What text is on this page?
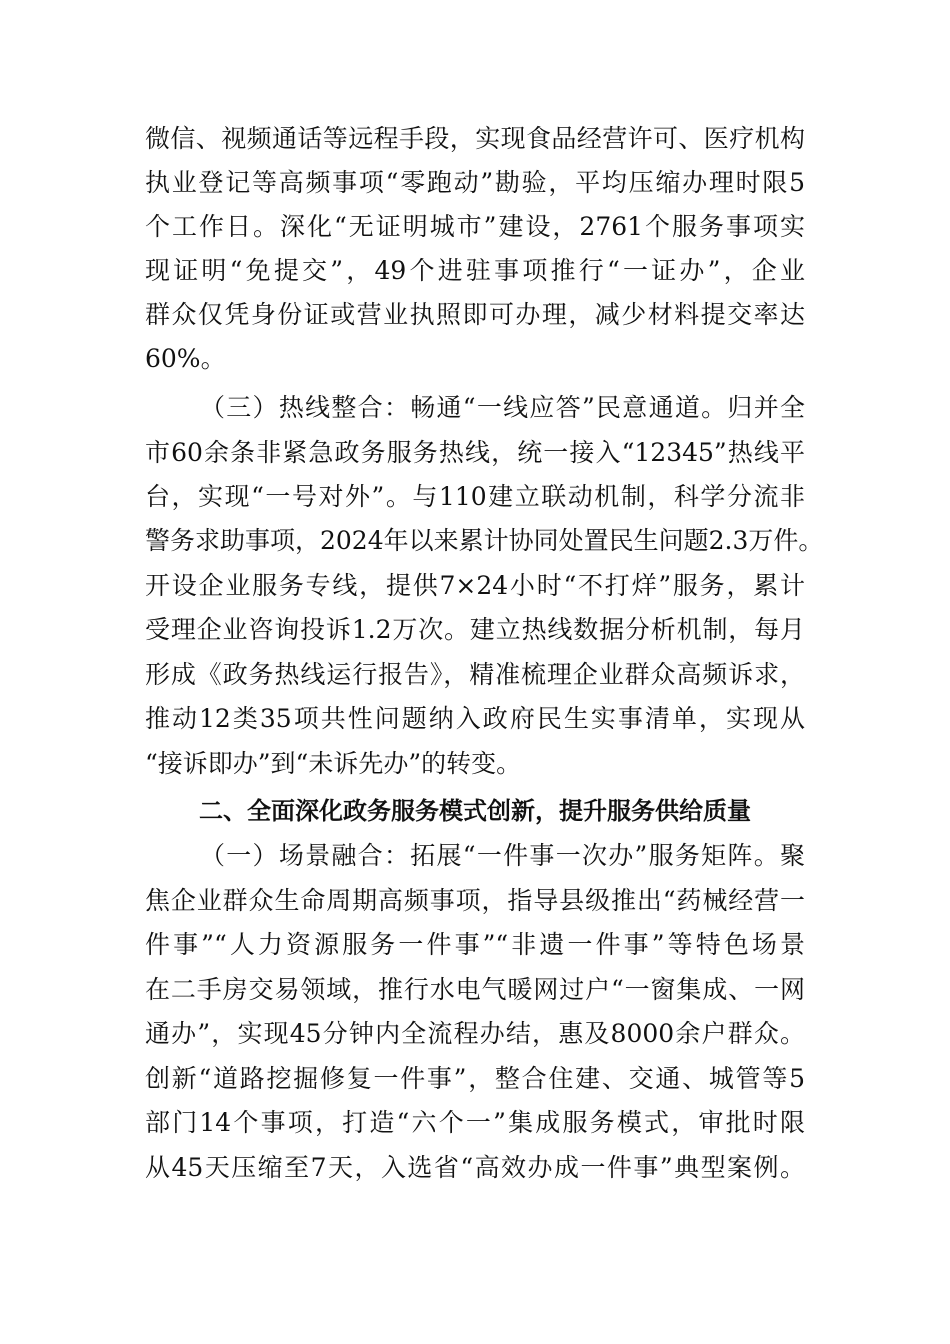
微信、视频通话等远程手段，实现食品经营许可、医疗机构
执业登记等高频事项“零跑动”勘验，平均压缩办理时限5
个工作日。深化“无证明城市”建设，2761个服务事项实
现证明“免提交”，49个进驻事项推行“一证办”，企业
群众仅凭身份证或营业执照即可办理，减少材料提交率达
60%。
（三）热线整合：畅通“一线应答”民意通道。归并全
市60余条非紧急政务服务热线，统一接入“12345”热线平
台，实现“一号对外”。与110建立联动机制，科学分流非
警务求助事项，2024年以来累计协同处置民生问题2.3万件。
开设企业服务专线，提供7×24小时“不打烊”服务，累计
受理企业咨询投诉1.2万次。建立热线数据分析机制，每月
形成《政务热线运行报告》，精准梳理企业群众高频诉求，
推动12类35项共性问题纳入政府民生实事清单，实现从
“接诉即办”到“未诉先办”的转变。
二、全面深化政务服务模式创新，提升服务供给质量
（一）场景融合：拓展“一件事一次办”服务矩阵。聚
焦企业群众生命周期高频事项，指导县级推出“药械经营一
件事”“人力资源服务一件事”“非遗一件事”等特色场景
在二手房交易领域，推行水电气暖网过户“一窗集成、一网
通办”，实现45分钟内全流程办结，惠及8000余户群众。
创新“道路挖掘修复一件事”，整合住建、交通、城管等5
部门14个事项，打造“六个一”集成服务模式，审批时限
从45天压缩至7天，入选省“高效办成一件事”典型案例。
